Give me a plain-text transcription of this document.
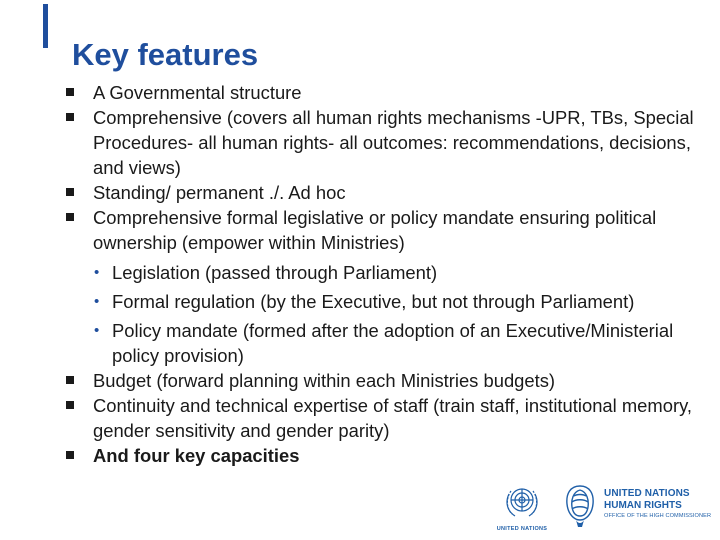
Key features
A Governmental structure
Comprehensive (covers all human rights mechanisms -UPR, TBs, Special Procedures- all human rights- all outcomes: recommendations, decisions, and views)
Standing/ permanent ./. Ad hoc
Comprehensive formal legislative or policy mandate ensuring political ownership (empower within Ministries)
• Legislation (passed through Parliament)
• Formal regulation (by the Executive, but not through Parliament)
• Policy mandate (formed after the adoption of an Executive/Ministerial policy provision)
Budget (forward planning within each Ministries budgets)
Continuity and technical expertise of staff (train staff, institutional memory, gender sensitivity and gender parity)
And four key capacities
UNITED NATIONS
UNITED NATIONS
HUMAN RIGHTS
OFFICE OF THE HIGH COMMISSIONER
